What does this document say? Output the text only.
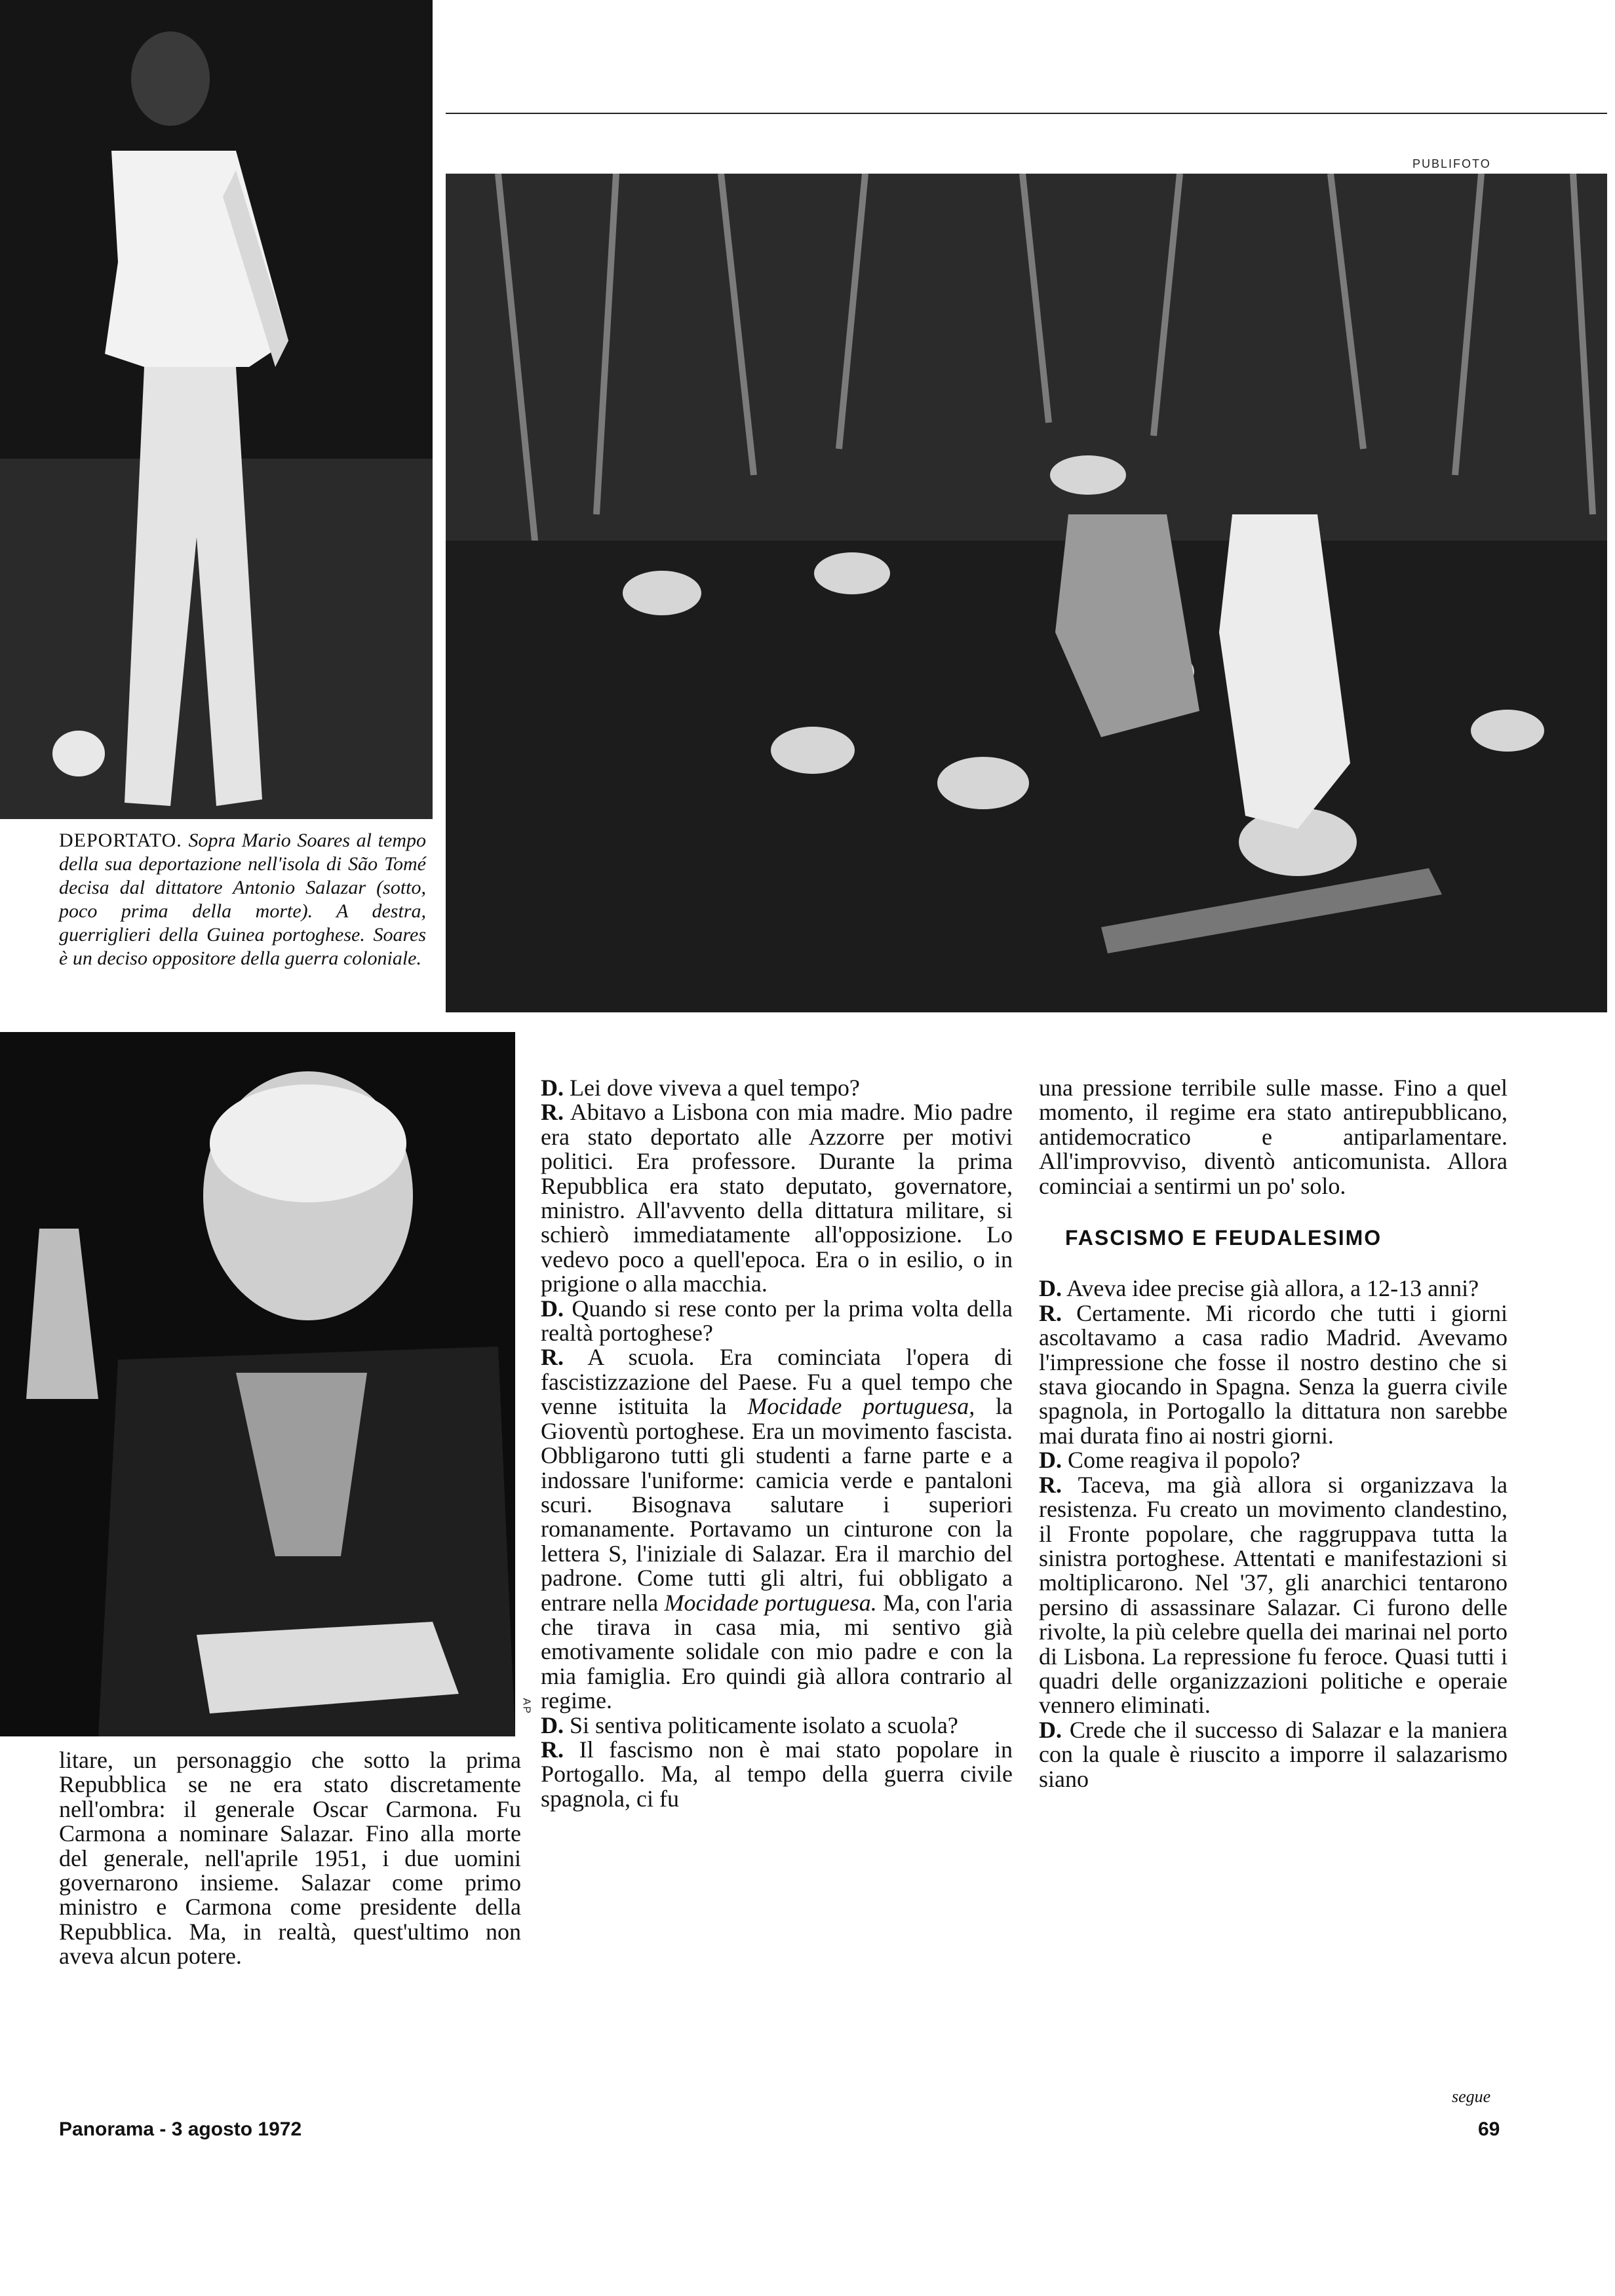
PUBLIFOTO
DEPORTATO. Sopra Mario Soares al tempo della sua deportazione nell'isola di São Tomé decisa dal dittatore Antonio Salazar (sotto, poco prima della morte). A destra, guerriglieri della Guinea portoghese. Soares è un deciso oppositore della guerra coloniale.
AP

litare, un personaggio che sotto la prima Repubblica se ne era stato discretamente nell'ombra: il generale Oscar Carmona. Fu Carmona a nominare Salazar. Fino alla morte del generale, nell'aprile 1951, i due uomini governarono insieme. Salazar come primo ministro e Carmona come presidente della Repubblica. Ma, in realtà, quest'ultimo non aveva alcun potere.

D. Lei dove viveva a quel tempo?

R. Abitavo a Lisbona con mia madre. Mio padre era stato deportato alle Azzorre per motivi politici. Era professore. Durante la prima Repubblica era stato deputato, governatore, ministro. All'avvento della dittatura militare, si schierò immediatamente all'opposizione. Lo vedevo poco a quell'epoca. Era o in esilio, o in prigione o alla macchia.

D. Quando si rese conto per la prima volta della realtà portoghese?

R. A scuola. Era cominciata l'opera di fascistizzazione del Paese. Fu a quel tempo che venne istituita la Mocidade portuguesa, la Gioventù portoghese. Era un movimento fascista. Obbligarono tutti gli studenti a farne parte e a indossare l'uniforme: camicia verde e pantaloni scuri. Bisognava salutare i superiori romanamente. Portavamo un cinturone con la lettera S, l'iniziale di Salazar. Era il marchio del padrone. Come tutti gli altri, fui obbligato a entrare nella Mocidade portuguesa. Ma, con l'aria che tirava in casa mia, mi sentivo già emotivamente solidale con mio padre e con la mia famiglia. Ero quindi già allora contrario al regime.

D. Si sentiva politicamente isolato a scuola?

R. Il fascismo non è mai stato popolare in Portogallo. Ma, al tempo della guerra civile spagnola, ci fu

una pressione terribile sulle masse. Fino a quel momento, il regime era stato antirepubblicano, antidemocratico e antiparlamentare. All'improvviso, diventò anticomunista. Allora cominciai a sentirmi un po' solo.

FASCISMO E FEUDALESIMO

D. Aveva idee precise già allora, a 12-13 anni?

R. Certamente. Mi ricordo che tutti i giorni ascoltavamo a casa radio Madrid. Avevamo l'impressione che fosse il nostro destino che si stava giocando in Spagna. Senza la guerra civile spagnola, in Portogallo la dittatura non sarebbe mai durata fino ai nostri giorni.

D. Come reagiva il popolo?

R. Taceva, ma già allora si organizzava la resistenza. Fu creato un movimento clandestino, il Fronte popolare, che raggruppava tutta la sinistra portoghese. Attentati e manifestazioni si moltiplicarono. Nel '37, gli anarchici tentarono persino di assassinare Salazar. Ci furono delle rivolte, la più celebre quella dei marinai nel porto di Lisbona. La repressione fu feroce. Quasi tutti i quadri delle organizzazioni politiche e operaie vennero eliminati.

D. Crede che il successo di Salazar e la maniera con la quale è riuscito a imporre il salazarismo siano

segue
Panorama - 3 agosto 1972	69
